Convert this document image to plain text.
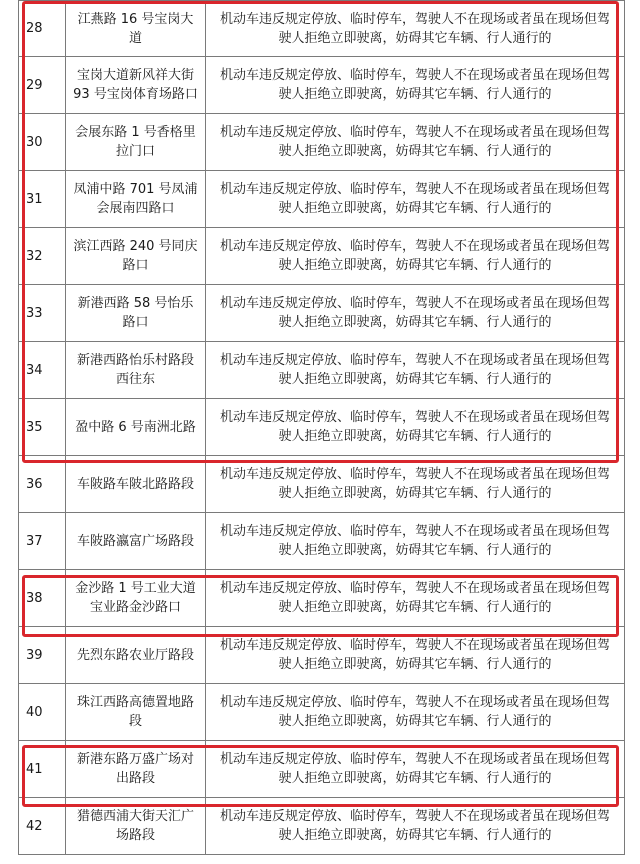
28	江燕路 16 号宝岗大道	机动车违反规定停放、临时停车，驾驶人不在现场或者虽在现场但驾驶人拒绝立即驶离，妨碍其它车辆、行人通行的
29	宝岗大道新风祥大街93 号宝岗体育场路口	机动车违反规定停放、临时停车，驾驶人不在现场或者虽在现场但驾驶人拒绝立即驶离，妨碍其它车辆、行人通行的
30	会展东路 1 号香格里拉门口	机动车违反规定停放、临时停车，驾驶人不在现场或者虽在现场但驾驶人拒绝立即驶离，妨碍其它车辆、行人通行的
31	凤浦中路 701 号凤浦会展南四路口	机动车违反规定停放、临时停车，驾驶人不在现场或者虽在现场但驾驶人拒绝立即驶离，妨碍其它车辆、行人通行的
32	滨江西路 240 号同庆路口	机动车违反规定停放、临时停车，驾驶人不在现场或者虽在现场但驾驶人拒绝立即驶离，妨碍其它车辆、行人通行的
33	新港西路 58 号怡乐路口	机动车违反规定停放、临时停车，驾驶人不在现场或者虽在现场但驾驶人拒绝立即驶离，妨碍其它车辆、行人通行的
34	新港西路怡乐村路段西往东	机动车违反规定停放、临时停车，驾驶人不在现场或者虽在现场但驾驶人拒绝立即驶离，妨碍其它车辆、行人通行的
35	盈中路 6 号南洲北路	机动车违反规定停放、临时停车，驾驶人不在现场或者虽在现场但驾驶人拒绝立即驶离，妨碍其它车辆、行人通行的
36	车陂路车陂北路路段	机动车违反规定停放、临时停车，驾驶人不在现场或者虽在现场但驾驶人拒绝立即驶离，妨碍其它车辆、行人通行的
37	车陂路瀛富广场路段	机动车违反规定停放、临时停车，驾驶人不在现场或者虽在现场但驾驶人拒绝立即驶离，妨碍其它车辆、行人通行的
38	金沙路 1 号工业大道宝业路金沙路口	机动车违反规定停放、临时停车，驾驶人不在现场或者虽在现场但驾驶人拒绝立即驶离，妨碍其它车辆、行人通行的
39	先烈东路农业厅路段	机动车违反规定停放、临时停车，驾驶人不在现场或者虽在现场但驾驶人拒绝立即驶离，妨碍其它车辆、行人通行的
40	珠江西路高德置地路段	机动车违反规定停放、临时停车，驾驶人不在现场或者虽在现场但驾驶人拒绝立即驶离，妨碍其它车辆、行人通行的
41	新港东路万盛广场对出路段	机动车违反规定停放、临时停车，驾驶人不在现场或者虽在现场但驾驶人拒绝立即驶离，妨碍其它车辆、行人通行的
42	猎德西浦大街天汇广场路段	机动车违反规定停放、临时停车，驾驶人不在现场或者虽在现场但驾驶人拒绝立即驶离，妨碍其它车辆、行人通行的
